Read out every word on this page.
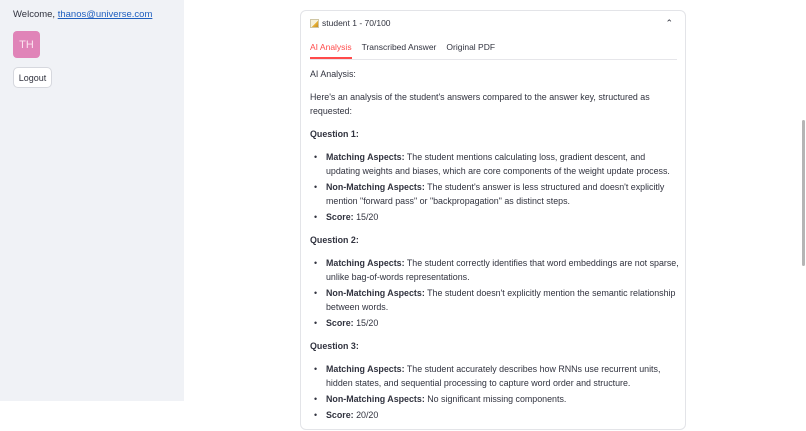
Welcome, thanos@universe.com
TH
Logout
student 1 - 70/100	⌃
AI Analysis Transcribed Answer Original PDF

AI Analysis:

Here's an analysis of the student's answers compared to the answer key, structured as requested:

Question 1:

• Matching Aspects: The student mentions calculating loss, gradient descent, and updating weights and biases, which are core components of the weight update process.
• Non-Matching Aspects: The student's answer is less structured and doesn't explicitly mention "forward pass" or "backpropagation" as distinct steps.
• Score: 15/20

Question 2:

• Matching Aspects: The student correctly identifies that word embeddings are not sparse, unlike bag-of-words representations.
• Non-Matching Aspects: The student doesn't explicitly mention the semantic relationship between words.
• Score: 15/20

Question 3:

• Matching Aspects: The student accurately describes how RNNs use recurrent units, hidden states, and sequential processing to capture word order and structure.
• Non-Matching Aspects: No significant missing components.
• Score: 20/20
